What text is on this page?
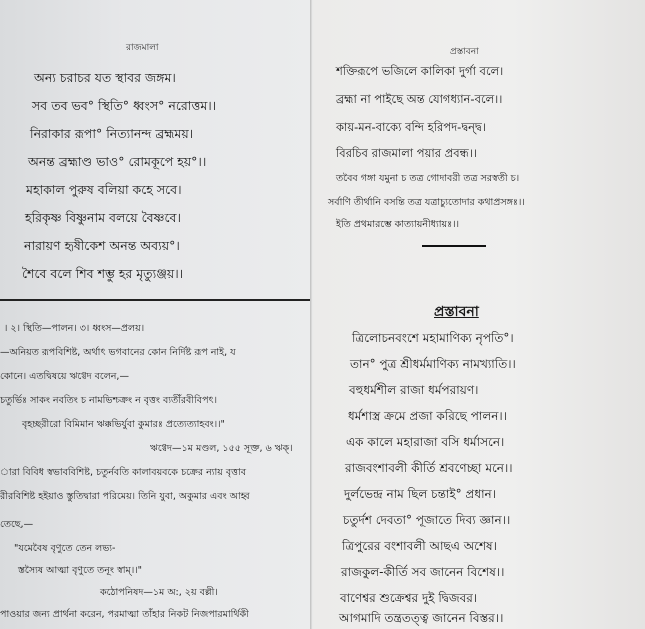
রাজমালা
অন্য চরাচর যত স্থাবর জঙ্গম।
সব তব ভব° স্থিতি° ধ্বংস° নরোত্তম।।
নিরাকার রূপা° নিত্যানন্দ ব্রহ্মময়।
অনন্ত ব্রহ্মাণ্ড ভাও° রোমকূপে হয়°।।
মহাকাল পুরুষ বলিয়া কহে সবে।
হরিকৃষ্ণ বিষ্ণুনাম বলয়ে বৈষ্ণবে।
নারায়ণ হৃষীকেশ অনন্ত অব্যয়°।
শৈবে বলে শিব শম্ভু হর মৃত্যুঞ্জয়।।
। ২। স্থিতি—পালন। ৩। ধ্বংস—প্রলয়।
—অনিয়ত রূপবিশিষ্ট, অর্থাৎ ভগবানের কোন নির্দিষ্ট রূপ নাই, য
কোনে। এতদ্বিষয়ে ঋগ্বেদ বলেন,—
চতুর্ভিঃ সাকং নবতিং চ নামভিশ্চক্রং ন বৃত্তং ব্যতীঁরবীবিপৎ।
বৃহচ্ছরীরো বিমিমান ঋক্কভির্যুবা কুমারঃ প্রত্যেত্যাহবং।।"
ঋগ্বেদ—১ম মণ্ডল, ১৫৫ সূক্ত, ৬ ঋক্।
ারা বিবিধ স্বভাববিশিষ্ট, চতুর্নবতি কালাবয়বকে চক্রের ন্যায় বৃত্তাব
রীরবিশিষ্ট হইয়াও স্তুতিদ্বারা পরিমেয়। তিনি যুবা, অকুমার এবং আহ্ব
তেছে,—
"যমেবৈষ বৃণুতে তেন লভ্য-
স্তস্যৈষ আত্মা বৃণুতে তনূং স্বাম্।।"
কঠোপনিষদ—১ম অ:, ২য় বল্লী।
পাওয়ার জন্য প্রার্থনা করেন, পরমাত্মা তাঁহার নিকট নিজপারমার্থিকী
প্রস্তাবনা
শক্তিরূপে ভজিলে কালিকা দুর্গা বলে।
ব্রহ্মা না পাইছে অন্ত যোগধ্যান-বলে।।
কায়-মন-বাক্যে বন্দি হরিপদ-দ্বন্দ্ব।
বিরচিব রাজমালা পয়ার প্রবন্ধ।।
তবৈব গঙ্গা যমুনা চ তত্র গোদাবরী তত্র সরস্বতী চ।
সর্বাণি তীর্থানি বসন্তি তত্র যত্রাচ্যুতোদার কথাপ্রসঙ্গঃ।।
ইতি প্রথমারম্ভে কাত্যায়নীধ্যায়ঃ।।
প্রস্তাবনা
ত্রিলোচনবংশে মহামাণিক্য নৃপতি°।
তান° পুত্র শ্রীধর্মমাণিক্য নামখ্যাতি।।
বহুধর্মশীল রাজা ধর্মপরায়ণ।
ধর্মশাস্ত্র ক্রমে প্রজা করিছে পালন।।
এক কালে মহারাজা বসি ধর্মাসনে।
রাজবংশাবলী কীর্তি শ্রবণেচ্ছা মনে।।
দুর্লভেন্দ্র নাম ছিল চন্তাই° প্রধান।
চতুর্দশ দেবতা° পূজাতে দিব্য জ্ঞান।।
ত্রিপুরের বংশাবলী আছএ অশেষ।
রাজকুল-কীর্তি সব জানেন বিশেষ।।
বাণেশ্বর শুক্রেশ্বর দুই দ্বিজবর।
আগমাদি তন্ত্রতত্ত্ব জানেন বিস্তর।।
